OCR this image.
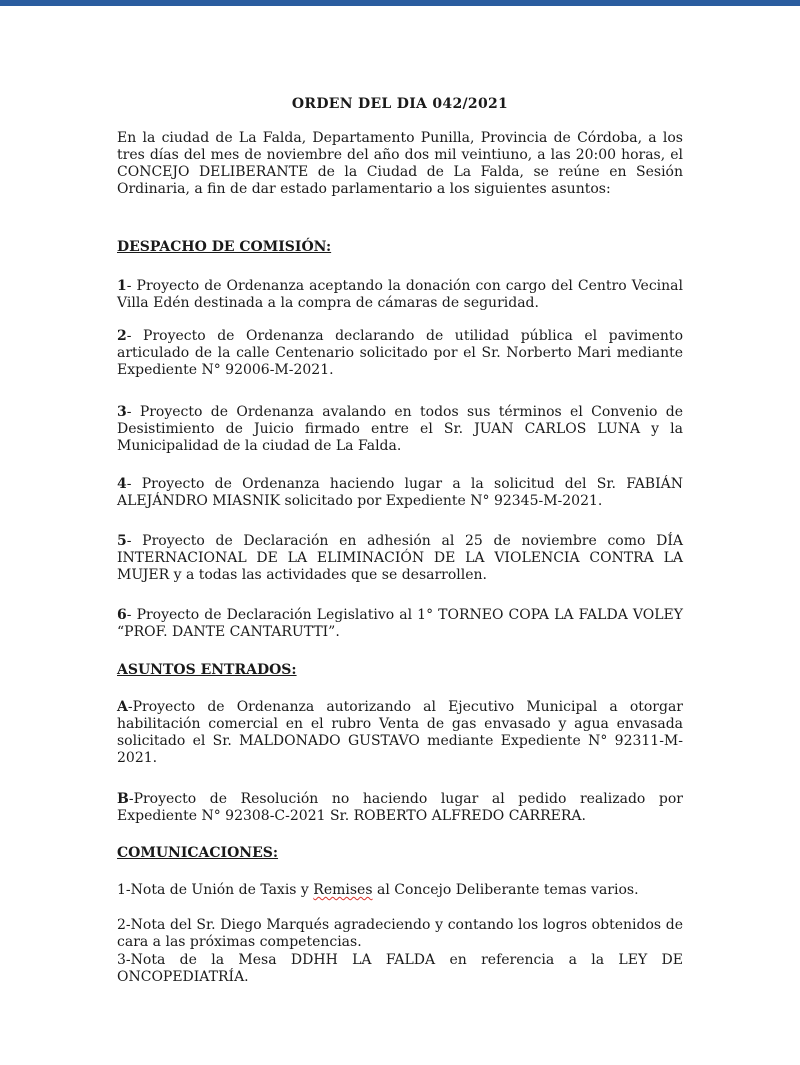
ORDEN DEL DIA 042/2021
En la ciudad de La Falda, Departamento Punilla, Provincia de Córdoba, a los tres días del mes de noviembre del año dos mil veintiuno, a las 20:00 horas, el CONCEJO DELIBERANTE de la Ciudad de La Falda, se reúne en Sesión Ordinaria, a fin de dar estado parlamentario a los siguientes asuntos:
DESPACHO DE COMISIÓN:
1- Proyecto de Ordenanza aceptando la donación con cargo del Centro Vecinal Villa Edén destinada a la compra de cámaras de seguridad.
2- Proyecto de Ordenanza declarando de utilidad pública el pavimento articulado de la calle Centenario solicitado por el Sr. Norberto Mari mediante Expediente N° 92006-M-2021.
3- Proyecto de Ordenanza avalando en todos sus términos el Convenio de Desistimiento de Juicio firmado entre el Sr. JUAN CARLOS LUNA y la Municipalidad de la ciudad de La Falda.
4- Proyecto de Ordenanza haciendo lugar a la solicitud del Sr. FABIÁN ALEJÁNDRO MIASNIK solicitado por Expediente N° 92345-M-2021.
5- Proyecto de Declaración en adhesión al 25 de noviembre como DÍA INTERNACIONAL DE LA ELIMINACIÓN DE LA VIOLENCIA CONTRA LA MUJER y a todas las actividades que se desarrollen.
6- Proyecto de Declaración Legislativo al 1° TORNEO COPA LA FALDA VOLEY “PROF. DANTE CANTARUTTI”.
ASUNTOS ENTRADOS:
A-Proyecto de Ordenanza autorizando al Ejecutivo Municipal a otorgar habilitación comercial en el rubro Venta de gas envasado y agua envasada solicitado el Sr. MALDONADO GUSTAVO mediante Expediente N° 92311-M-2021.
B-Proyecto de Resolución no haciendo lugar al pedido realizado por Expediente N° 92308-C-2021 Sr. ROBERTO ALFREDO CARRERA.
COMUNICACIONES:
1-Nota de Unión de Taxis y Remises al Concejo Deliberante temas varios.
2-Nota del Sr. Diego Marqués agradeciendo y contando los logros obtenidos de cara a las próximas competencias.
3-Nota de la Mesa DDHH LA FALDA en referencia a la LEY DE ONCOPEDIATRÍA.
